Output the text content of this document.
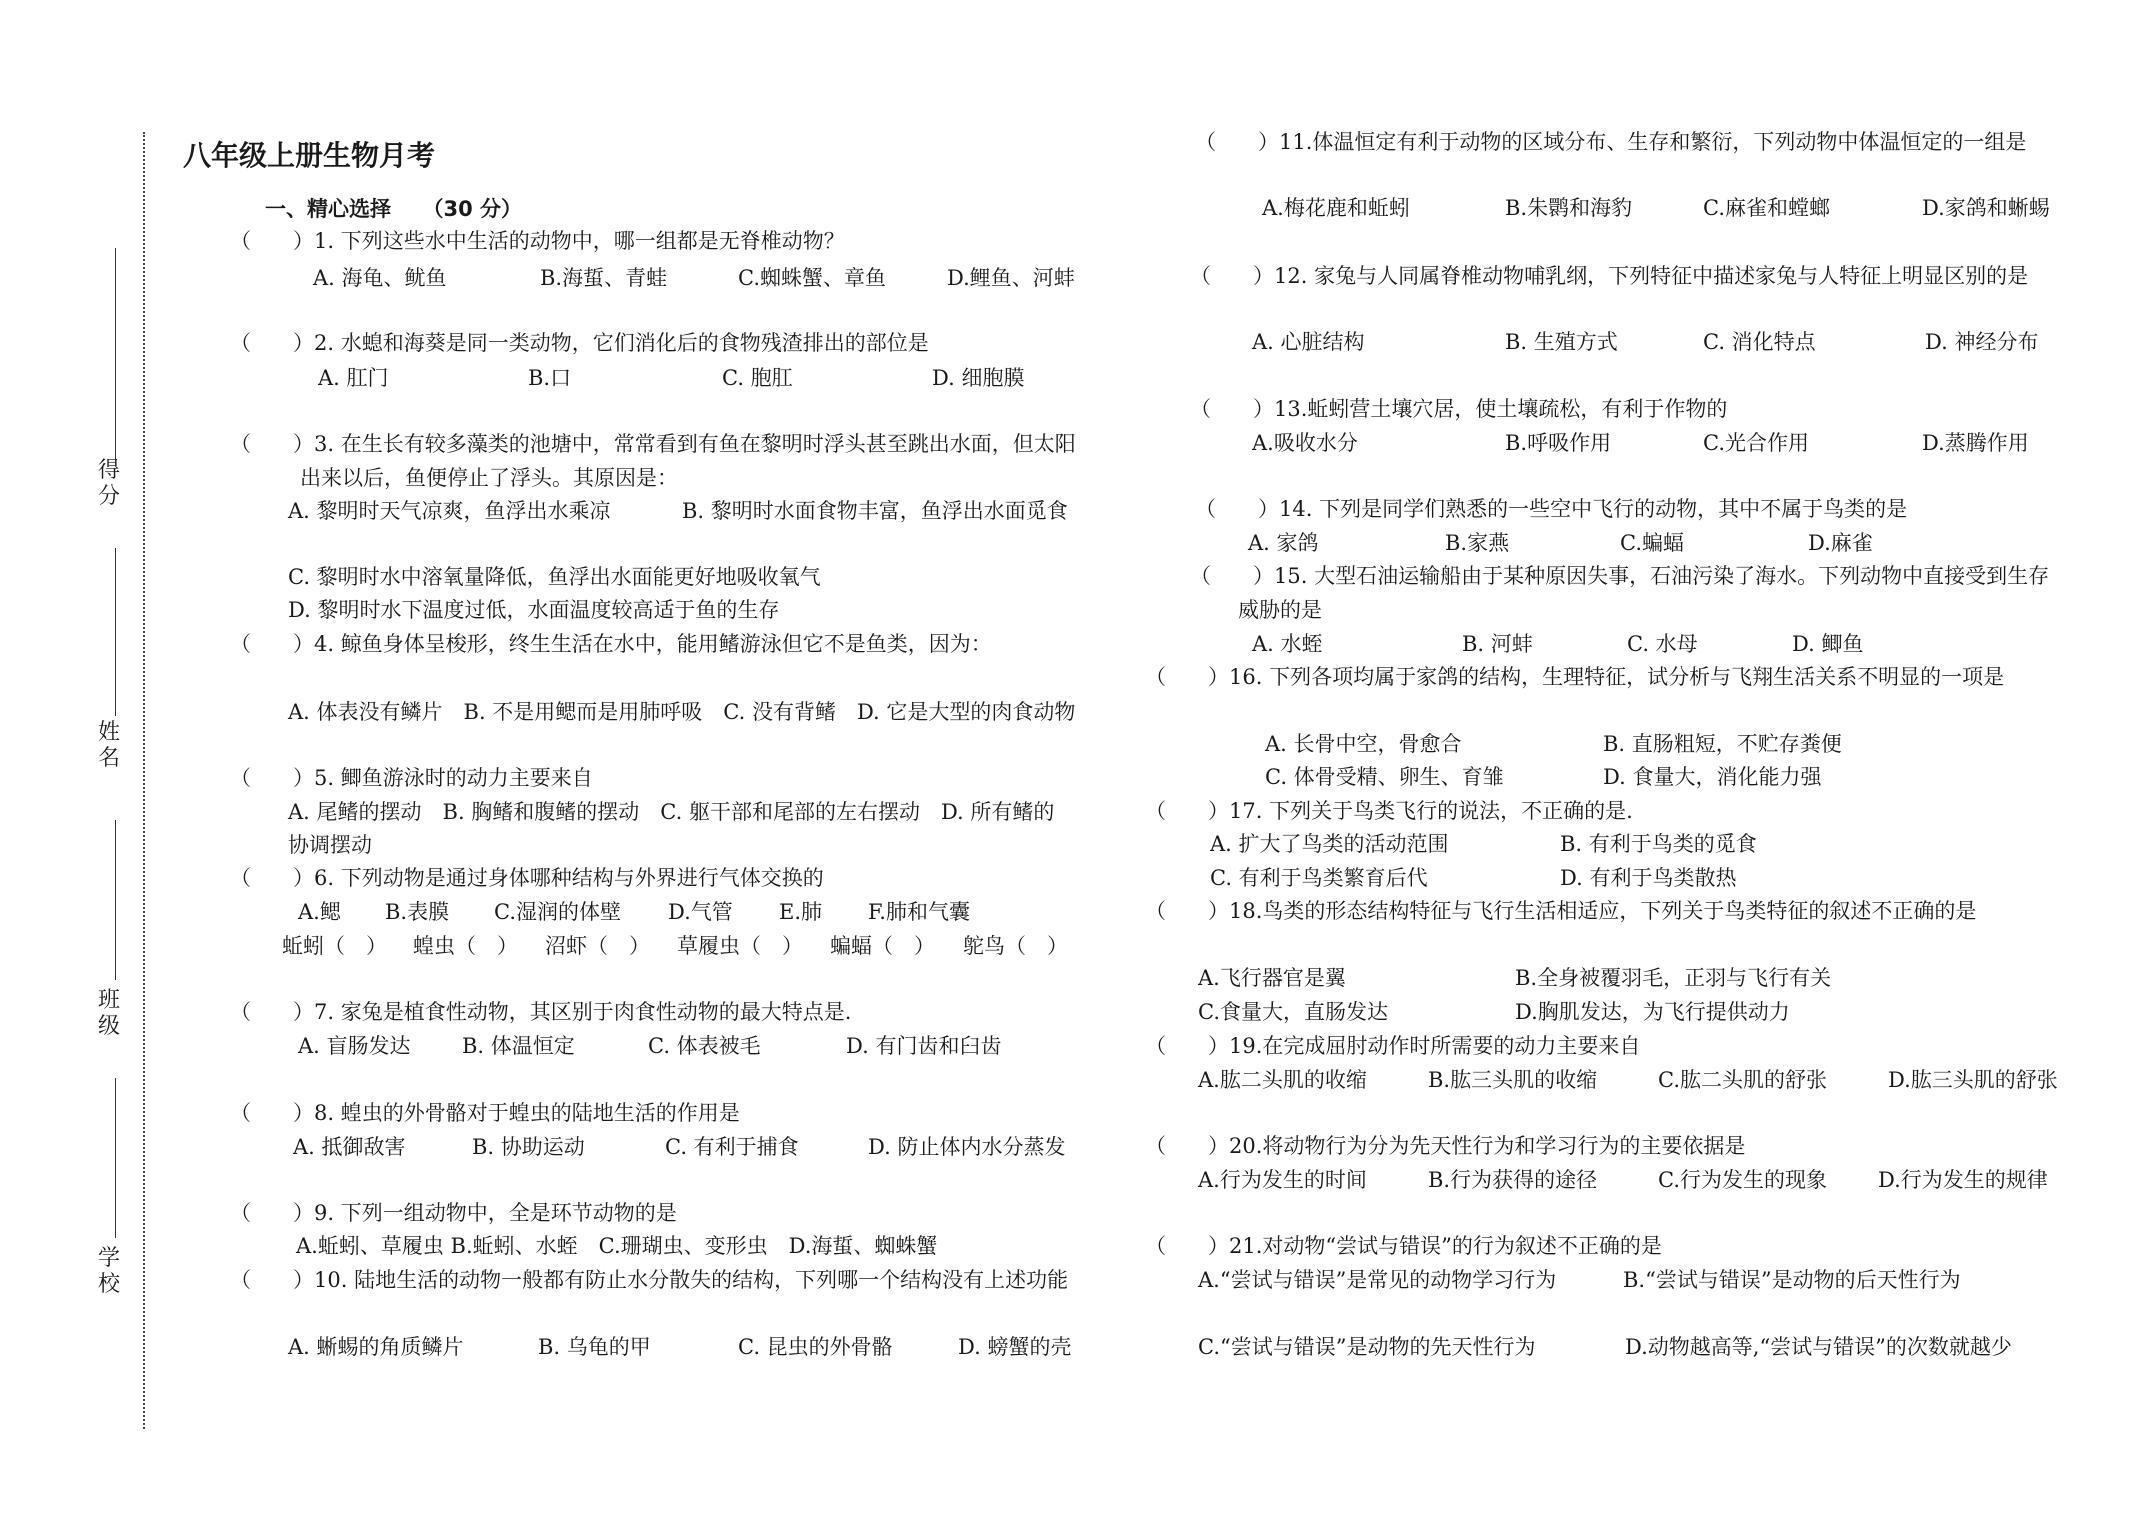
得分
姓名
班级
学校
八年级上册生物月考
一、精心选择　　（30 分）
（　　）1. 下列这些水中生活的动物中，哪一组都是无脊椎动物？
A. 海龟、鱿鱼	B.海蜇、青蛙	C.蜘蛛蟹、章鱼	D.鲤鱼、河蚌
（　　）2. 水螅和海葵是同一类动物，它们消化后的食物残渣排出的部位是
A. 肛门	B.口	C. 胞肛	D. 细胞膜
（　　）3. 在生长有较多藻类的池塘中，常常看到有鱼在黎明时浮头甚至跳出水面，但太阳
出来以后，鱼便停止了浮头。其原因是：
A. 黎明时天气凉爽，鱼浮出水乘凉	B. 黎明时水面食物丰富，鱼浮出水面觅食
C. 黎明时水中溶氧量降低，鱼浮出水面能更好地吸收氧气
D. 黎明时水下温度过低，水面温度较高适于鱼的生存
（　　）4. 鲸鱼身体呈梭形，终生生活在水中，能用鳍游泳但它不是鱼类，因为：
A. 体表没有鳞片　B. 不是用鳃而是用肺呼吸　C. 没有背鳍　D. 它是大型的肉食动物
（　　）5. 鲫鱼游泳时的动力主要来自
A. 尾鳍的摆动　B. 胸鳍和腹鳍的摆动　C. 躯干部和尾部的左右摆动　D. 所有鳍的
协调摆动
（　　）6. 下列动物是通过身体哪种结构与外界进行气体交换的
A.鳃 B.表膜 C.湿润的体壁 D.气管 E.肺 F.肺和气囊
蚯蚓（　） 蝗虫（　） 沼虾（　） 草履虫（　） 蝙蝠（　） 鸵鸟（　）
（　　）7. 家兔是植食性动物，其区别于肉食性动物的最大特点是.
A. 盲肠发达 B. 体温恒定	C. 体表被毛	D. 有门齿和臼齿
（　　）8. 蝗虫的外骨骼对于蝗虫的陆地生活的作用是
A. 抵御敌害	B. 协助运动	C. 有利于捕食	D. 防止体内水分蒸发
（　　）9. 下列一组动物中，全是环节动物的是
A.蚯蚓、草履虫 B.蚯蚓、水蛭　C.珊瑚虫、变形虫　D.海蜇、蜘蛛蟹
（　　）10. 陆地生活的动物一般都有防止水分散失的结构，下列哪一个结构没有上述功能
A. 蜥蜴的角质鳞片	B. 乌龟的甲	C. 昆虫的外骨骼	D. 螃蟹的壳
（　　）11.体温恒定有利于动物的区域分布、生存和繁衍，下列动物中体温恒定的一组是
A.梅花鹿和蚯蚓	B.朱鹮和海豹	C.麻雀和螳螂	D.家鸽和蜥蜴
（　　）12. 家兔与人同属脊椎动物哺乳纲，下列特征中描述家兔与人特征上明显区别的是
A. 心脏结构	B. 生殖方式	C. 消化特点	D. 神经分布
（　　）13.蚯蚓营土壤穴居，使土壤疏松，有利于作物的
A.吸收水分	B.呼吸作用	C.光合作用	D.蒸腾作用
（　　）14. 下列是同学们熟悉的一些空中飞行的动物，其中不属于鸟类的是
A. 家鸽	B.家燕	C.蝙蝠	D.麻雀
（　　）15. 大型石油运输船由于某种原因失事，石油污染了海水。下列动物中直接受到生存
威胁的是
A. 水蛭	B. 河蚌	C. 水母	D. 鲫鱼
（　　）16. 下列各项均属于家鸽的结构，生理特征，试分析与飞翔生活关系不明显的一项是
A. 长骨中空，骨愈合	B. 直肠粗短，不贮存粪便
C. 体骨受精、卵生、育雏	D. 食量大，消化能力强
（　　）17. 下列关于鸟类飞行的说法，不正确的是.
A. 扩大了鸟类的活动范围	B. 有利于鸟类的觅食
C. 有利于鸟类繁育后代	D. 有利于鸟类散热
（　　）18.鸟类的形态结构特征与飞行生活相适应，下列关于鸟类特征的叙述不正确的是
A.飞行器官是翼	B.全身被覆羽毛，正羽与飞行有关
C.食量大，直肠发达	D.胸肌发达，为飞行提供动力
（　　）19.在完成屈肘动作时所需要的动力主要来自
A.肱二头肌的收缩	B.肱三头肌的收缩	C.肱二头肌的舒张	D.肱三头肌的舒张
（　　）20.将动物行为分为先天性行为和学习行为的主要依据是
A.行为发生的时间	B.行为获得的途径	C.行为发生的现象 D.行为发生的规律
（　　）21.对动物“尝试与错误”的行为叙述不正确的是
A.“尝试与错误”是常见的动物学习行为	B.“尝试与错误”是动物的后天性行为
C.“尝试与错误”是动物的先天性行为	D.动物越高等,“尝试与错误”的次数就越少
